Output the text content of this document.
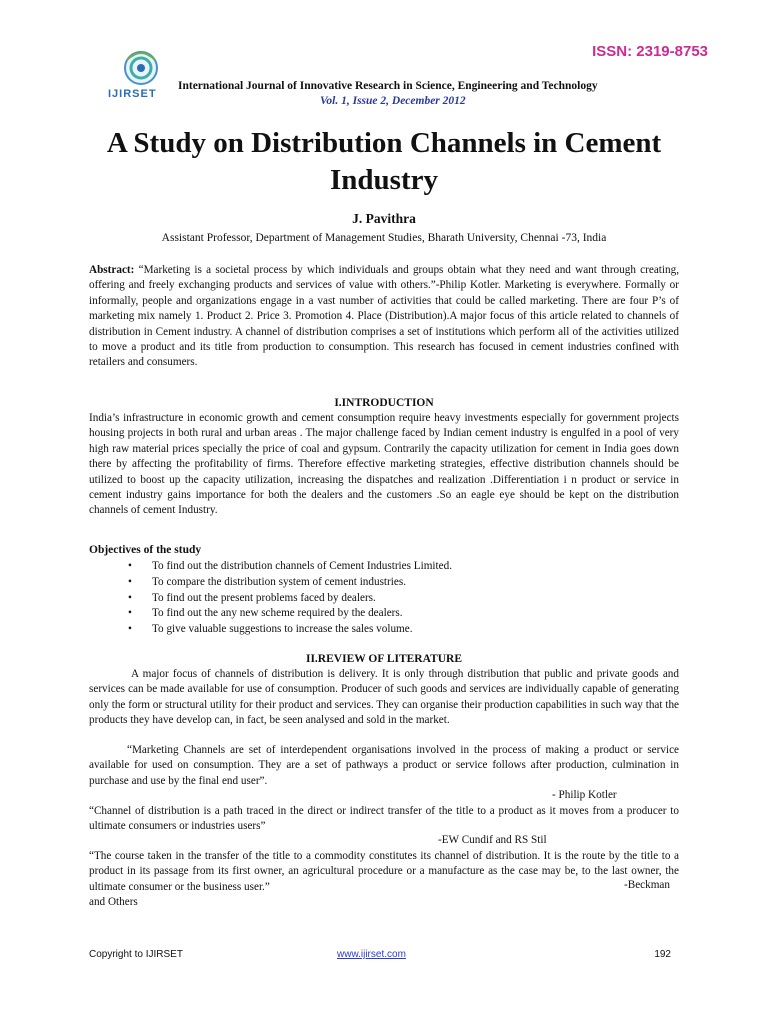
ISSN: 2319-8753
IJIRSET
International Journal of Innovative Research in Science, Engineering and Technology
Vol. 1, Issue 2, December 2012
A Study on Distribution Channels in Cement Industry
J. Pavithra
Assistant Professor, Department of Management Studies, Bharath University, Chennai -73, India
Abstract: “Marketing is a societal process by which individuals and groups obtain what they need and want through creating, offering and freely exchanging products and services of value with others.”-Philip Kotler. Marketing is everywhere. Formally or informally, people and organizations engage in a vast number of activities that could be called marketing. There are four P’s of marketing mix namely 1. Product 2. Price 3. Promotion 4. Place (Distribution).A major focus of this article related to channels of distribution in Cement industry. A channel of distribution comprises a set of institutions which perform all of the activities utilized to move a product and its title from production to consumption. This research has focused in cement industries confined with retailers and consumers.
I.INTRODUCTION
India’s infrastructure in economic growth and cement consumption require heavy investments especially for government projects housing projects in both rural and urban areas . The major challenge faced by Indian cement industry is engulfed in a pool of very high raw material prices specially the price of coal and gypsum. Contrarily the capacity utilization for cement in India goes down there by affecting the profitability of firms. Therefore effective marketing strategies, effective distribution channels should be utilized to boost up the capacity utilization, increasing the dispatches and realization .Differentiation i n product or service in cement industry gains importance for both the dealers and the customers .So an eagle eye should be kept on the distribution channels of cement Industry.
Objectives of the study
• To find out the distribution channels of Cement Industries Limited.
• To compare the distribution system of cement industries.
• To find out the present problems faced by dealers.
• To find out the any new scheme required by the dealers.
• To give valuable suggestions to increase the sales volume.
II.REVIEW OF LITERATURE
A major focus of channels of distribution is delivery. It is only through distribution that public and private goods and services can be made available for use of consumption. Producer of such goods and services are individually capable of generating only the form or structural utility for their product and services. They can organise their production capabilities in such way that the products they have develop can, in fact, be seen analysed and sold in the market.
“Marketing Channels are set of interdependent organisations involved in the process of making a product or service available for used on consumption. They are a set of pathways a product or service follows after production, culmination in purchase and use by the final end user”.
- Philip Kotler
“Channel of distribution is a path traced in the direct or indirect transfer of the title to a product as it moves from a producer to ultimate consumers or industries users”
-EW Cundif and RS Stil
“The course taken in the transfer of the title to a commodity constitutes its channel of distribution. It is the route by the title to a product in its passage from its first owner, an agricultural procedure or a manufacture as the case may be, to the last owner, the ultimate consumer or the business user.”
and Others
-Beckman
Copyright to IJIRSET	www.ijirset.com	192
